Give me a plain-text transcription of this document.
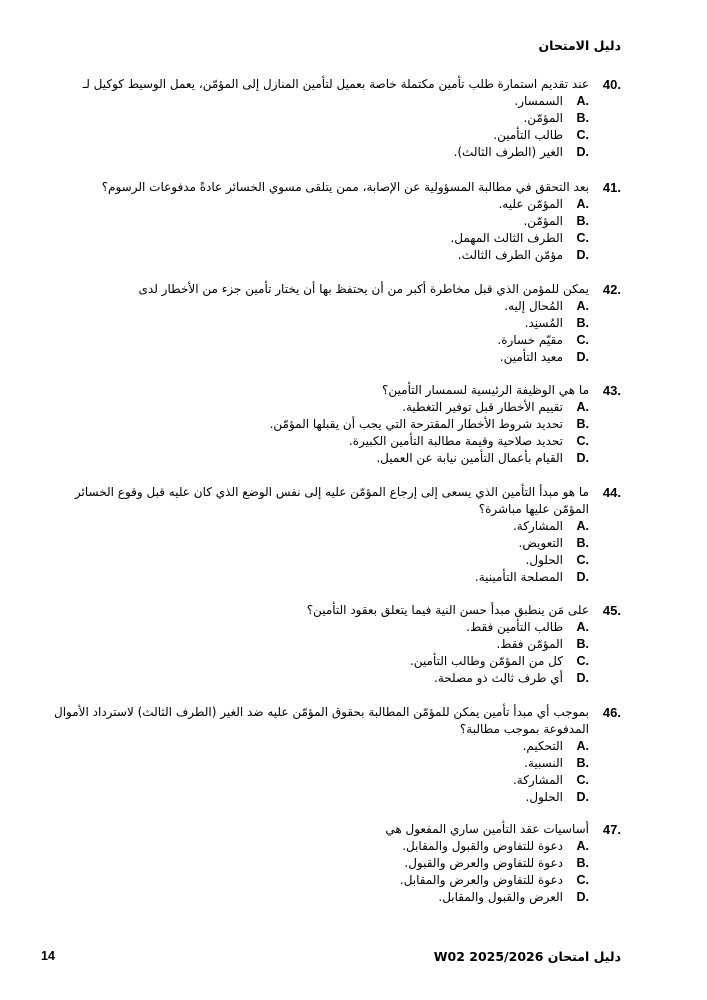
دليل الامتحان
40.
عند تقديم استمارة طلب تأمين مكتملة خاصة بعميل لتأمين المنازل إلى المؤمّن، يعمل الوسيط كوكيل لـ
A.
السمسار.
B.
المؤمّن.
C.
طالب التأمين.
D.
الغير (الطرف الثالث).
41.
بعد التحقق في مطالبة المسؤولية عن الإصابة، ممن يتلقى مسوي الخسائر عادةً مدفوعات الرسوم؟
A.
المؤمّن عليه.
B.
المؤمّن.
C.
الطرف الثالث المهمل.
D.
مؤمّن الطرف الثالث.
42.
يمكن للمؤمن الذي قبل مخاطرة أكبر من أن يحتفظ بها أن يختار تأمين جزء من الأخطار لدى
A.
المُحال إليه.
B.
المُسنِد.
C.
مقيّم خسارة.
D.
معيد التأمين.
43.
ما هي الوظيفة الرئيسية لسمسار التأمين؟
A.
تقييم الأخطار قبل توفير التغطية.
B.
تحديد شروط الأخطار المقترحة التي يجب أن يقبلها المؤمّن.
C.
تحديد صلاحية وقيمة مطالبة التأمين الكبيرة.
D.
القيام بأعمال التأمين نيابة عن العميل.
44.
ما هو مبدأ التأمين الذي يسعى إلى إرجاع المؤمّن عليه إلى نفس الوضع الذي كان عليه قبل وقوع الخسائر المؤمّن عليها مباشرة؟
A.
المشاركة.
B.
التعويض.
C.
الحلول.
D.
المصلحة التأمينية.
45.
على مَن ينطبق مبدأ حسن النية فيما يتعلق بعقود التأمين؟
A.
طالب التأمين فقط.
B.
المؤمّن فقط.
C.
كل من المؤمّن وطالب التأمين.
D.
أي طرف ثالث ذو مصلحة.
46.
بموجب أي مبدأ تأمين يمكن للمؤمّن المطالبة بحقوق المؤمّن عليه ضد الغير (الطرف الثالث) لاسترداد الأموال المدفوعة بموجب مطالبة؟
A.
التحكيم.
B.
النسبية.
C.
المشاركة.
D.
الحلول.
47.
أساسيات عقد التأمين ساري المفعول هي
A.
دعوة للتفاوض والقبول والمقابل.
B.
دعوة للتفاوض والعرض والقبول.
C.
دعوة للتفاوض والعرض والمقابل.
D.
العرض والقبول والمقابل.
14	دليل امتحان W02 2025/2026
